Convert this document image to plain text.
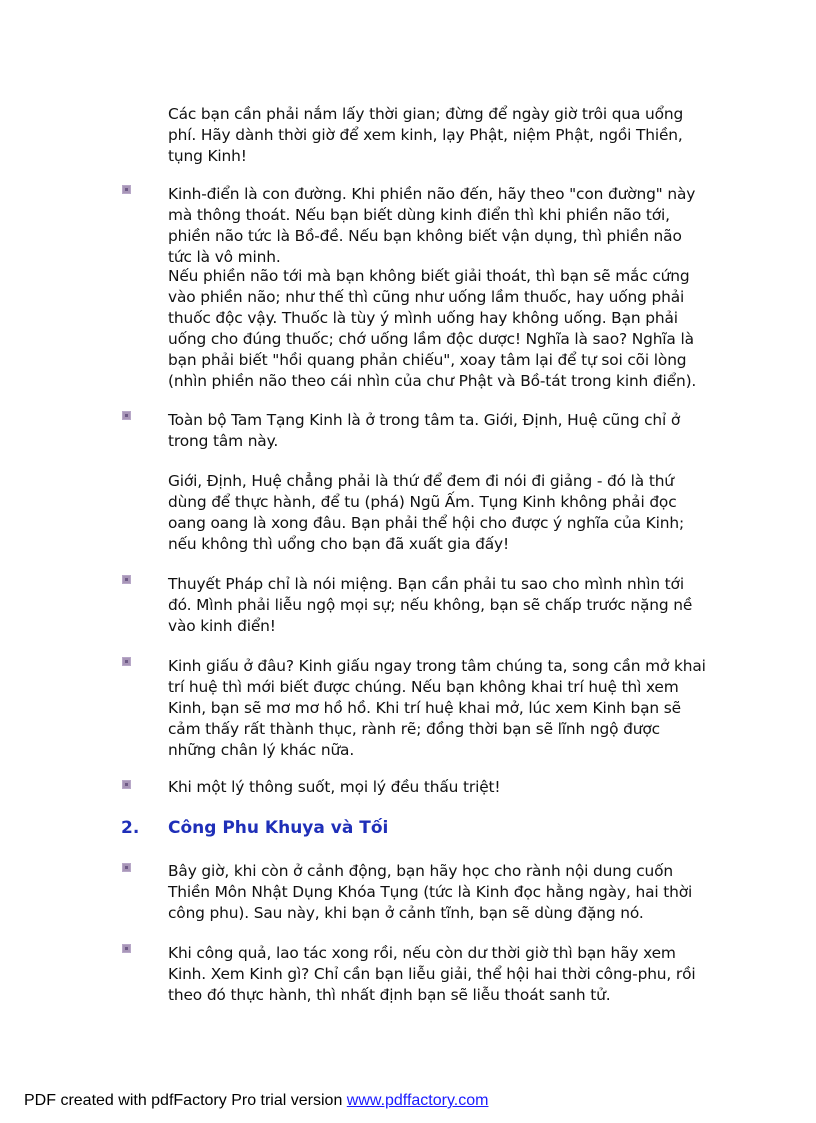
Các bạn cần phải nắm lấy thời gian; đừng để ngày giờ trôi qua uổng phí. Hãy dành thời giờ để xem kinh, lạy Phật, niệm Phật, ngồi Thiền, tụng Kinh!
Kinh-điển là con đường. Khi phiền não đến, hãy theo "con đường" này mà thông thoát. Nếu bạn biết dùng kinh điển thì khi phiền não tới, phiền não tức là Bồ-đề. Nếu bạn không biết vận dụng, thì phiền não tức là vô minh.
Nếu phiền não tới mà bạn không biết giải thoát, thì bạn sẽ mắc cứng vào phiền não; như thế thì cũng như uống lầm thuốc, hay uống phải thuốc độc vậy. Thuốc là tùy ý mình uống hay không uống. Bạn phải uống cho đúng thuốc; chớ uống lầm độc dược! Nghĩa là sao? Nghĩa là bạn phải biết "hồi quang phản chiếu", xoay tâm lại để tự soi cõi lòng (nhìn phiền não theo cái nhìn của chư Phật và Bồ-tát trong kinh điển).
Toàn bộ Tam Tạng Kinh là ở trong tâm ta. Giới, Định, Huệ cũng chỉ ở trong tâm này.
Giới, Định, Huệ chẳng phải là thứ để đem đi nói đi giảng - đó là thứ dùng để thực hành, để tu (phá) Ngũ Ấm. Tụng Kinh không phải đọc oang oang là xong đâu. Bạn phải thể hội cho được ý nghĩa của Kinh; nếu không thì uổng cho bạn đã xuất gia đấy!
Thuyết Pháp chỉ là nói miệng. Bạn cần phải tu sao cho mình nhìn tới đó. Mình phải liễu ngộ mọi sự; nếu không, bạn sẽ chấp trước nặng nề vào kinh điển!
Kinh giấu ở đâu? Kinh giấu ngay trong tâm chúng ta, song cần mở khai trí huệ thì mới biết được chúng. Nếu bạn không khai trí huệ thì xem Kinh, bạn sẽ mơ mơ hồ hồ. Khi trí huệ khai mở, lúc xem Kinh bạn sẽ cảm thấy rất thành thục, rành rẽ; đồng thời bạn sẽ lĩnh ngộ được những chân lý khác nữa.
Khi một lý thông suốt, mọi lý đều thấu triệt!
2. Công Phu Khuya và Tối
Bây giờ, khi còn ở cảnh động, bạn hãy học cho rành nội dung cuốn Thiền Môn Nhật Dụng Khóa Tụng (tức là Kinh đọc hằng ngày, hai thời công phu). Sau này, khi bạn ở cảnh tĩnh, bạn sẽ dùng đặng nó.
Khi công quả, lao tác xong rồi, nếu còn dư thời giờ thì bạn hãy xem Kinh. Xem Kinh gì? Chỉ cần bạn liễu giải, thể hội hai thời công-phu, rồi theo đó thực hành, thì nhất định bạn sẽ liễu thoát sanh tử.
PDF created with pdfFactory Pro trial version www.pdffactory.com
